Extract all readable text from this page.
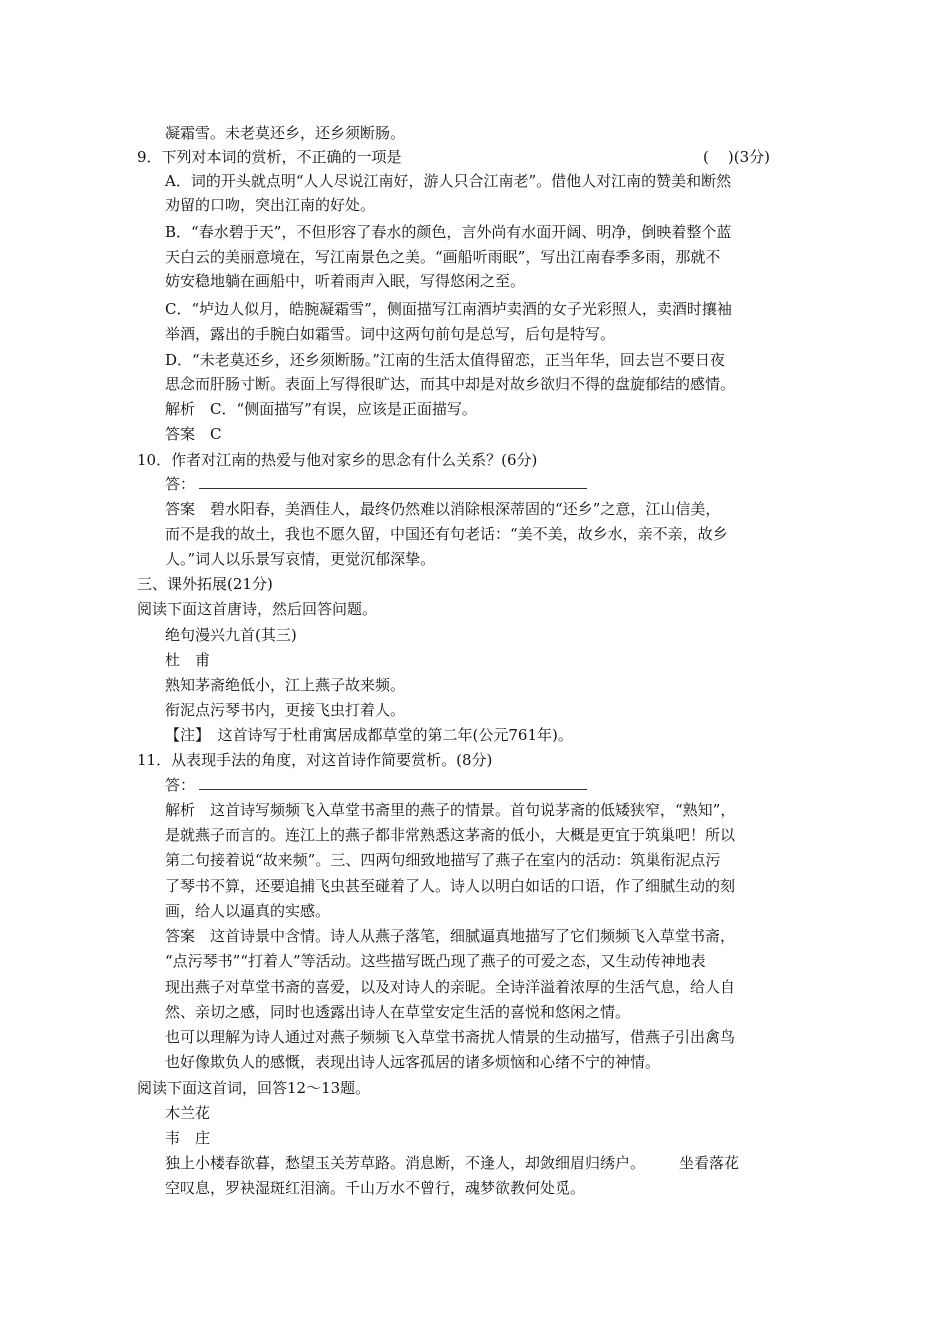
凝霜雪。未老莫还乡，还乡须断肠。
9．下列对本词的赏析，不正确的一项是	(    )(3分)
A．词的开头就点明“人人尽说江南好，游人只合江南老”。借他人对江南的赞美和断然
劝留的口吻，突出江南的好处。
B．“春水碧于天”，不但形容了春水的颜色，言外尚有水面开阔、明净，倒映着整个蓝
天白云的美丽意境在，写江南景色之美。“画船听雨眠”，写出江南春季多雨，那就不
妨安稳地躺在画船中，听着雨声入眠，写得悠闲之至。
C．“垆边人似月，皓腕凝霜雪”，侧面描写江南酒垆卖酒的女子光彩照人，卖酒时攘袖
举酒，露出的手腕白如霜雪。词中这两句前句是总写，后句是特写。
D．“未老莫还乡，还乡须断肠。”江南的生活太值得留恋，正当年华，回去岂不要日夜
思念而肝肠寸断。表面上写得很旷达，而其中却是对故乡欲归不得的盘旋郁结的感情。
解析　C．“侧面描写”有误，应该是正面描写。
答案　C
10．作者对江南的热爱与他对家乡的思念有什么关系？(6分)
答：
答案　碧水阳春，美酒佳人，最终仍然难以消除根深蒂固的“还乡”之意，江山信美，
而不是我的故土，我也不愿久留，中国还有句老话：“美不美，故乡水，亲不亲，故乡
人。”词人以乐景写哀情，更觉沉郁深挚。
三、课外拓展(21分)
阅读下面这首唐诗，然后回答问题。
绝句漫兴九首(其三)
杜　甫
熟知茅斋绝低小，江上燕子故来频。
衔泥点污琴书内，更接飞虫打着人。
【注】　这首诗写于杜甫寓居成都草堂的第二年(公元761年)。
11．从表现手法的角度，对这首诗作简要赏析。(8分)
答：
解析　这首诗写频频飞入草堂书斋里的燕子的情景。首句说茅斋的低矮狭窄，“熟知”，
是就燕子而言的。连江上的燕子都非常熟悉这茅斋的低小，大概是更宜于筑巢吧！所以
第二句接着说“故来频”。三、四两句细致地描写了燕子在室内的活动：筑巢衔泥点污
了琴书不算，还要追捕飞虫甚至碰着了人。诗人以明白如话的口语，作了细腻生动的刻
画，给人以逼真的实感。
答案　这首诗景中含情。诗人从燕子落笔，细腻逼真地描写了它们频频飞入草堂书斋，
“点污琴书”“打着人”等活动。这些描写既凸现了燕子的可爱之态，又生动传神地表
现出燕子对草堂书斋的喜爱，以及对诗人的亲昵。全诗洋溢着浓厚的生活气息，给人自
然、亲切之感，同时也透露出诗人在草堂安定生活的喜悦和悠闲之情。
也可以理解为诗人通过对燕子频频飞入草堂书斋扰人情景的生动描写，借燕子引出禽鸟
也好像欺负人的感慨，表现出诗人远客孤居的诸多烦恼和心绪不宁的神情。
阅读下面这首词，回答12～13题。
木兰花
韦　庄
独上小楼春欲暮，愁望玉关芳草路。消息断，不逢人，却敛细眉归绣户。 坐看落花
空叹息，罗袂湿斑红泪滴。千山万水不曾行，魂梦欲教何处觅。
